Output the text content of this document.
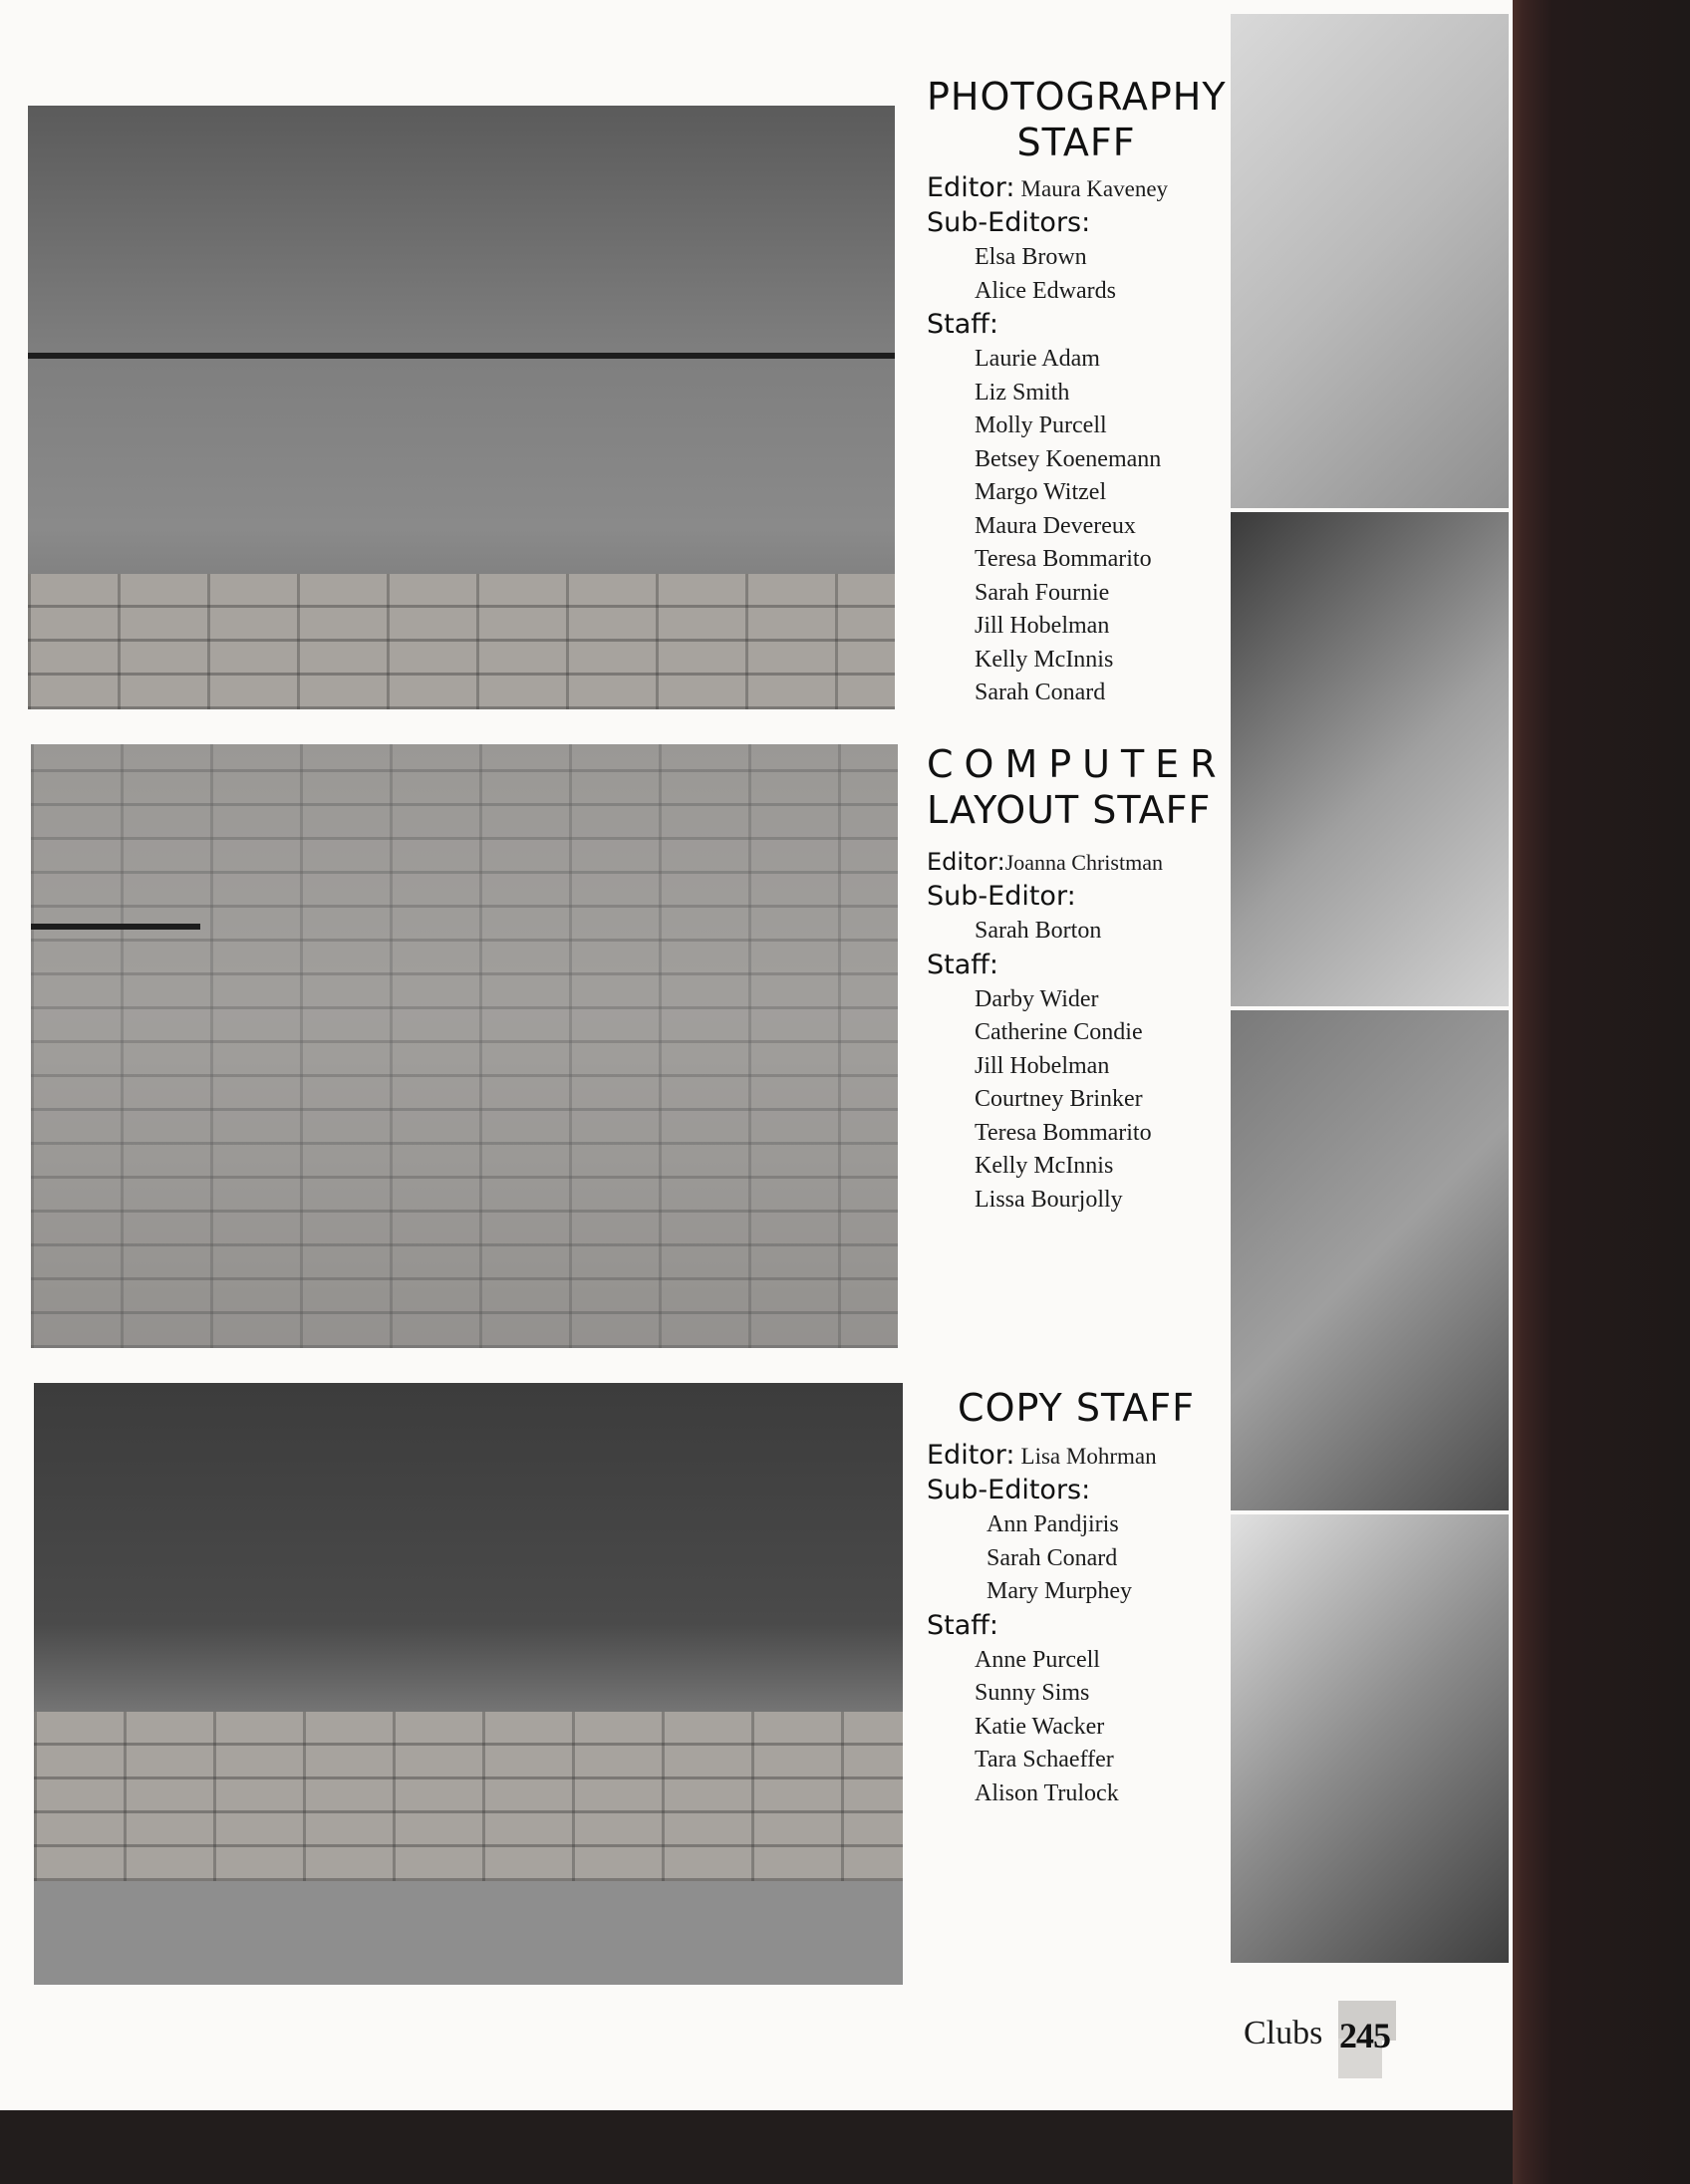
PHOTOGRAPHY
STAFF

Editor: Maura Kaveney

Sub-Editors:

Elsa Brown
Alice Edwards

Staff:

Laurie Adam
Liz Smith
Molly Purcell
Betsey Koenemann
Margo Witzel
Maura Devereux
Teresa Bommarito
Sarah Fournie
Jill Hobelman
Kelly McInnis
Sarah Conard
COMPUTER
LAYOUT STAFF

Editor:Joanna Christman

Sub-Editor:

Sarah Borton

Staff:

Darby Wider
Catherine Condie
Jill Hobelman
Courtney Brinker
Teresa Bommarito
Kelly McInnis
Lissa Bourjolly
COPY STAFF

Editor: Lisa Mohrman

Sub-Editors:

Ann Pandjiris
Sarah Conard
Mary Murphey

Staff:

Anne Purcell
Sunny Sims
Katie Wacker
Tara Schaeffer
Alison Trulock
Clubs 245
